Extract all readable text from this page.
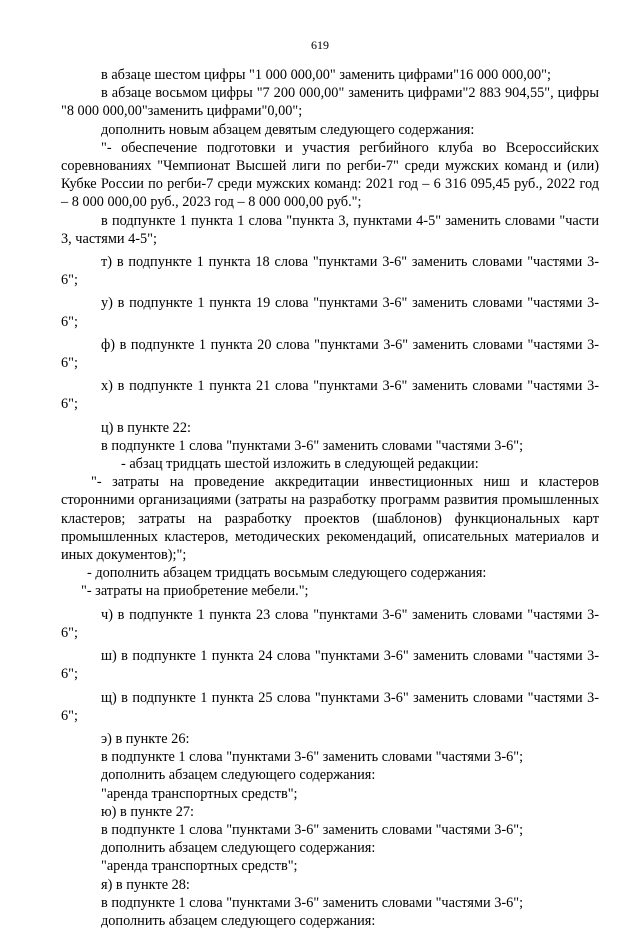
619

в абзаце шестом цифры "1 000 000,00" заменить цифрами"16 000 000,00";

в абзаце восьмом цифры "7 200 000,00" заменить цифрами"2 883 904,55", цифры "8 000 000,00"заменить цифрами"0,00";

дополнить новым абзацем девятым следующего содержания:

"- обеспечение подготовки и участия регбийного клуба во Всероссийских соревнованиях "Чемпионат Высшей лиги по регби-7" среди мужских команд и (или) Кубке России по регби-7 среди мужских команд: 2021 год – 6 316 095,45 руб., 2022 год – 8 000 000,00 руб., 2023 год – 8 000 000,00 руб.";

в подпункте 1 пункта 1 слова "пункта 3, пунктами 4-5" заменить словами "части 3, частями 4-5";

т) в подпункте 1 пункта 18 слова "пунктами 3-6" заменить словами "частями 3-6";

у) в подпункте 1 пункта 19 слова "пунктами 3-6" заменить словами "частями 3-6";

ф) в подпункте 1 пункта 20 слова "пунктами 3-6" заменить словами "частями 3-6";

х) в подпункте 1 пункта 21 слова "пунктами 3-6" заменить словами "частями 3-6";

ц) в пункте 22:

в подпункте 1 слова "пунктами 3-6" заменить словами "частями 3-6";

- абзац тридцать шестой изложить в следующей редакции:

"- затраты на проведение аккредитации инвестиционных ниш и кластеров сторонними организациями (затраты на разработку программ развития промышленных кластеров; затраты на разработку проектов (шаблонов) функциональных карт промышленных кластеров, методических рекомендаций, описательных материалов и иных документов);";

- дополнить абзацем тридцать восьмым следующего содержания:

"- затраты на приобретение мебели.";

ч) в подпункте 1 пункта 23 слова "пунктами 3-6" заменить словами "частями 3-6";

ш) в подпункте 1 пункта 24 слова "пунктами 3-6" заменить словами "частями 3-6";

щ) в подпункте 1 пункта 25 слова "пунктами 3-6" заменить словами "частями 3-6";

э) в пункте 26:

в подпункте 1 слова "пунктами 3-6" заменить словами "частями 3-6";

дополнить абзацем следующего содержания:

"аренда транспортных средств";

ю) в пункте 27:

в подпункте 1 слова "пунктами 3-6" заменить словами "частями 3-6";

дополнить абзацем следующего содержания:

"аренда транспортных средств";

я) в пункте 28:

в подпункте 1 слова "пунктами 3-6" заменить словами "частями 3-6";

дополнить абзацем следующего содержания:
